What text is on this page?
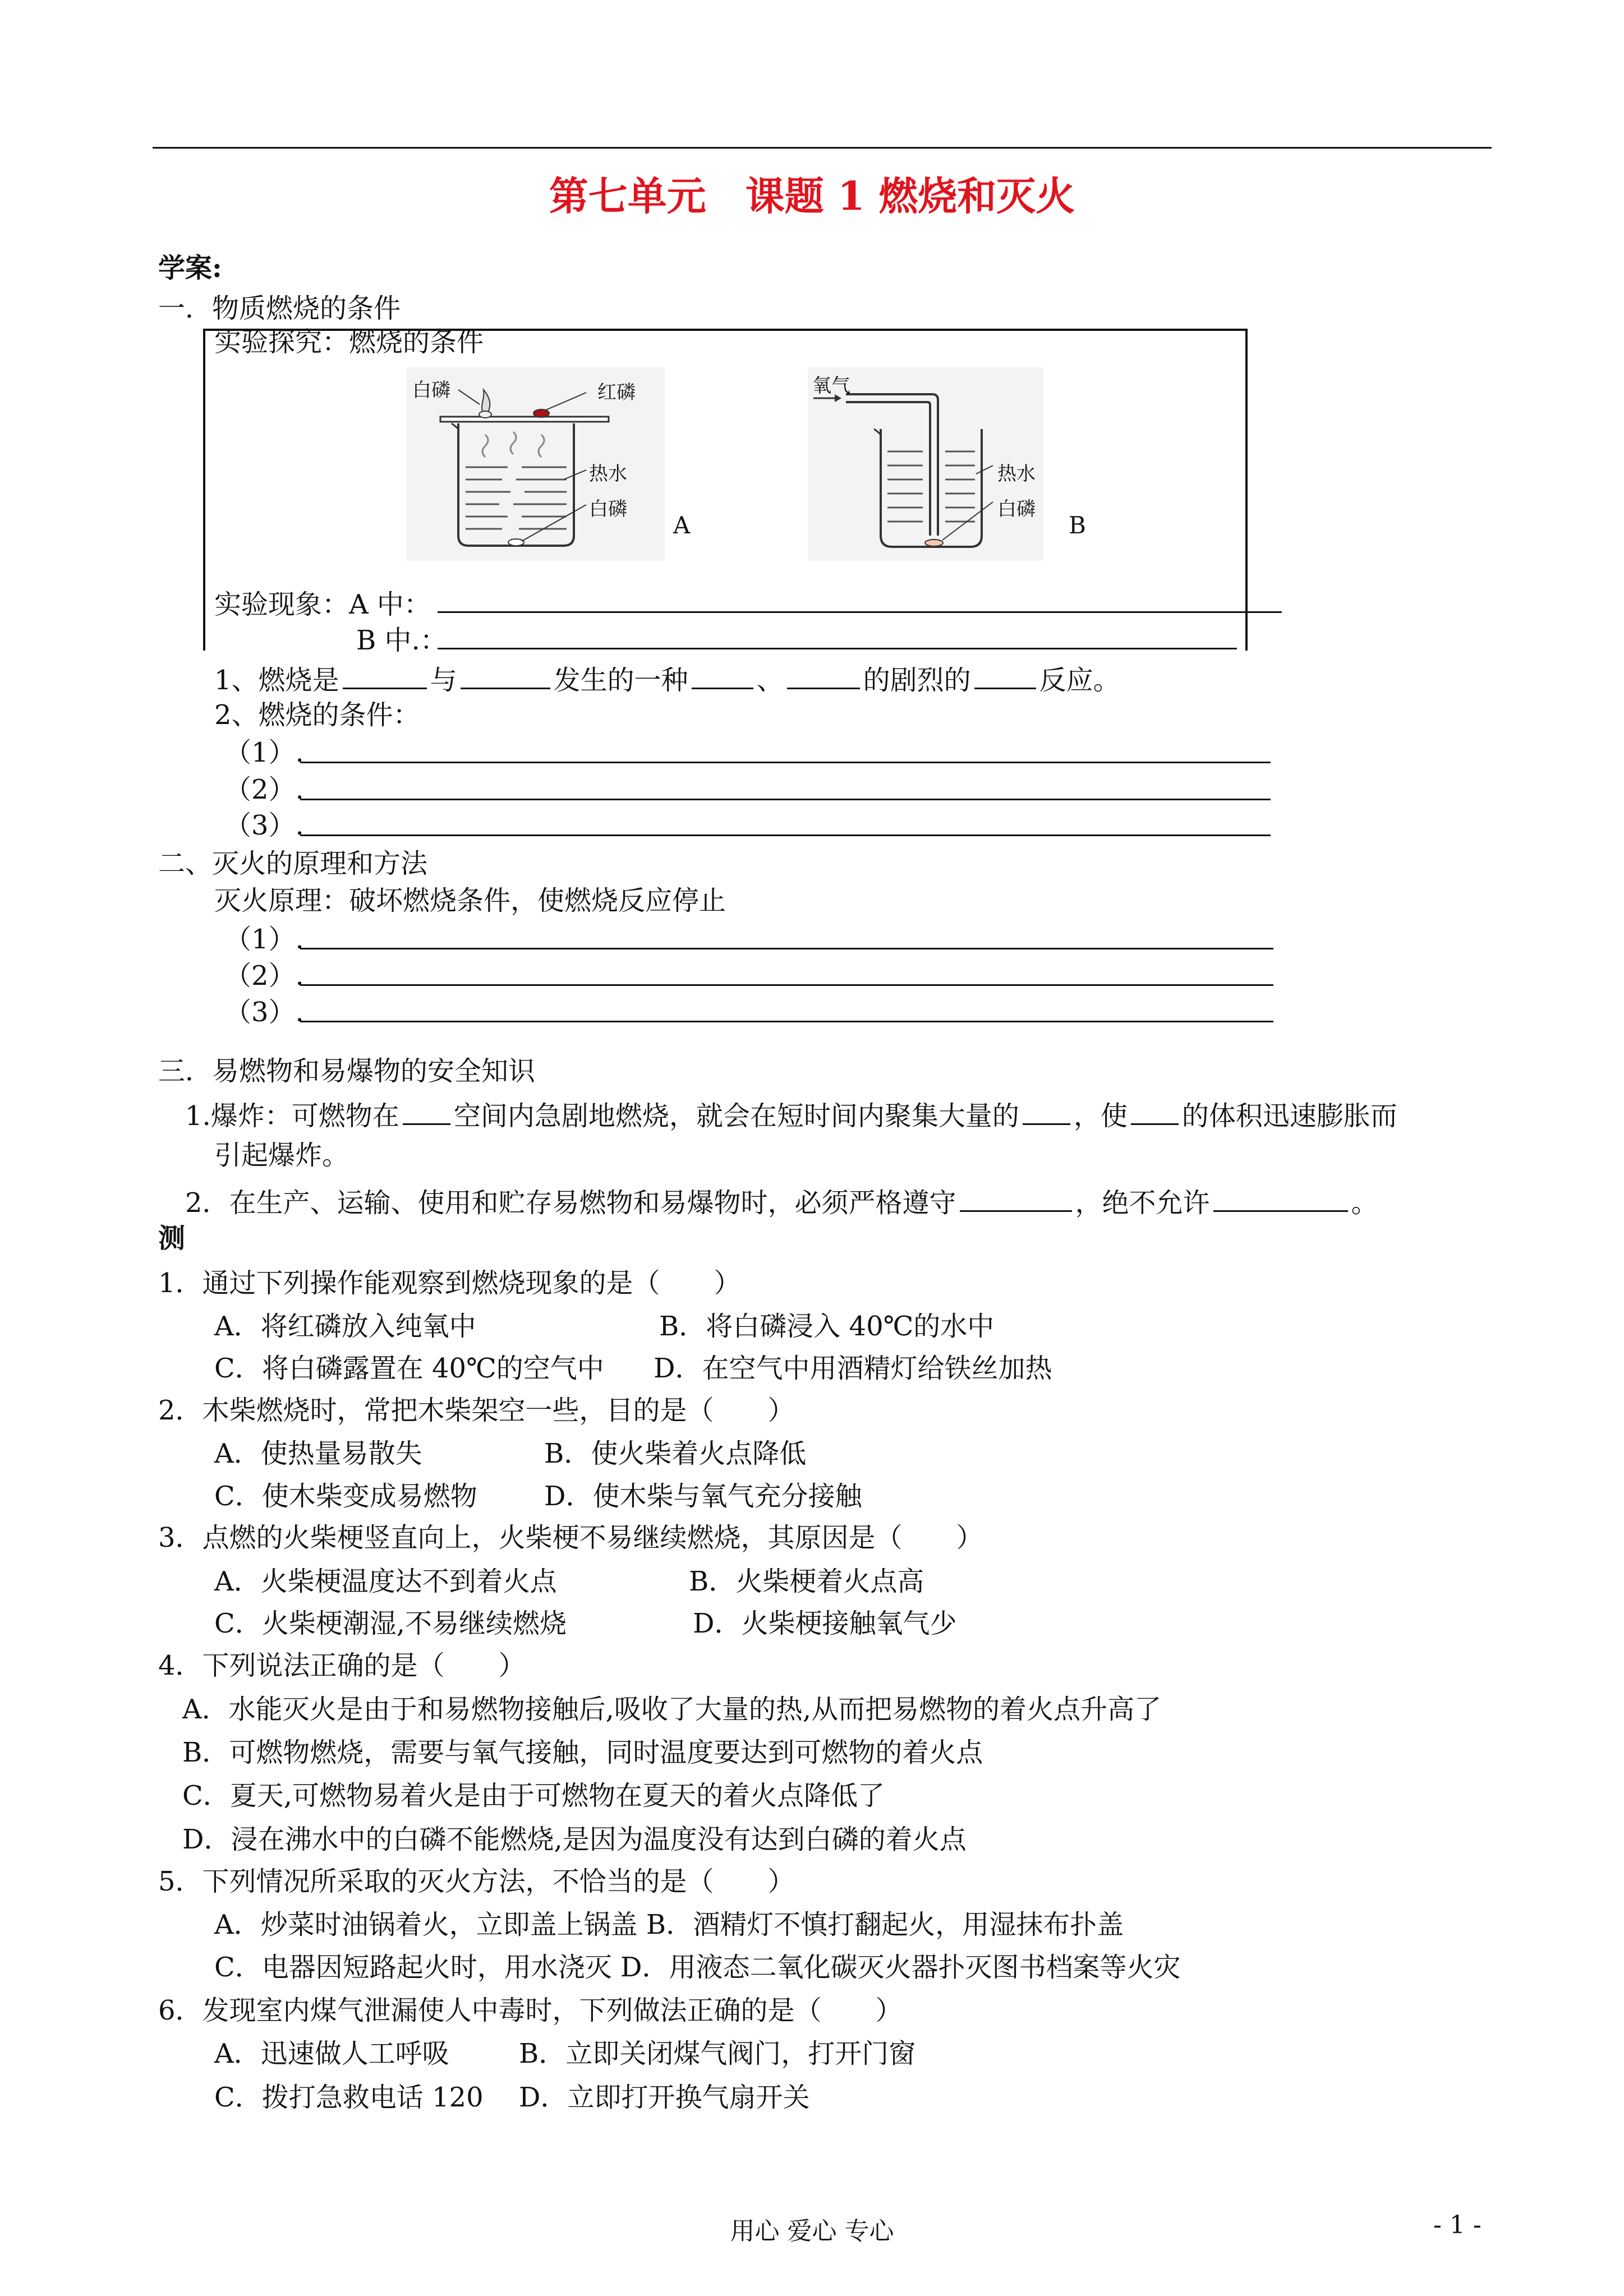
第七单元　课题 1 燃烧和灭火
学案:
一．物质燃烧的条件
实验探究：燃烧的条件
白磷	红磷
热水
白磷
A
氧气
热水
白磷
B
实验现象：A 中：
B 中.：
1、燃烧是	与	发生的一种	、	的剧烈的	反应。
2、燃烧的条件：
（1）.
（2）.
（3）.
二、灭火的原理和方法
灭火原理：破坏燃烧条件，使燃烧反应停止
（1）.
（2）.
（3）.
三．易燃物和易爆物的安全知识
1.爆炸：可燃物在 空间内急剧地燃烧，就会在短时间内聚集大量的 ，使 的体积迅速膨胀而
引起爆炸。
2．在生产、运输、使用和贮存易燃物和易爆物时，必须严格遵守	，绝不允许	。
测
1．通过下列操作能观察到燃烧现象的是（　　）
A．将红磷放入纯氧中	B．将白磷浸入 40℃的水中
C．将白磷露置在 40℃的空气中 D．在空气中用酒精灯给铁丝加热
2．木柴燃烧时，常把木柴架空一些，目的是（　　）
A．使热量易散失	B．使火柴着火点降低
C．使木柴变成易燃物 D．使木柴与氧气充分接触
3．点燃的火柴梗竖直向上，火柴梗不易继续燃烧，其原因是（　　）
A．火柴梗温度达不到着火点	B．火柴梗着火点高
C．火柴梗潮湿,不易继续燃烧	D．火柴梗接触氧气少
4．下列说法正确的是（　　）
A．水能灭火是由于和易燃物接触后,吸收了大量的热,从而把易燃物的着火点升高了
B．可燃物燃烧，需要与氧气接触，同时温度要达到可燃物的着火点
C．夏天,可燃物易着火是由于可燃物在夏天的着火点降低了
D．浸在沸水中的白磷不能燃烧,是因为温度没有达到白磷的着火点
5．下列情况所采取的灭火方法，不恰当的是（　　）
A．炒菜时油锅着火，立即盖上锅盖 B．酒精灯不慎打翻起火，用湿抹布扑盖
C．电器因短路起火时，用水浇灭 D．用液态二氧化碳灭火器扑灭图书档案等火灾
6．发现室内煤气泄漏使人中毒时，下列做法正确的是（　　）
A．迅速做人工呼吸	B．立即关闭煤气阀门，打开门窗
C．拨打急救电话 120 D．立即打开换气扇开关
用心 爱心 专心	- 1 -
